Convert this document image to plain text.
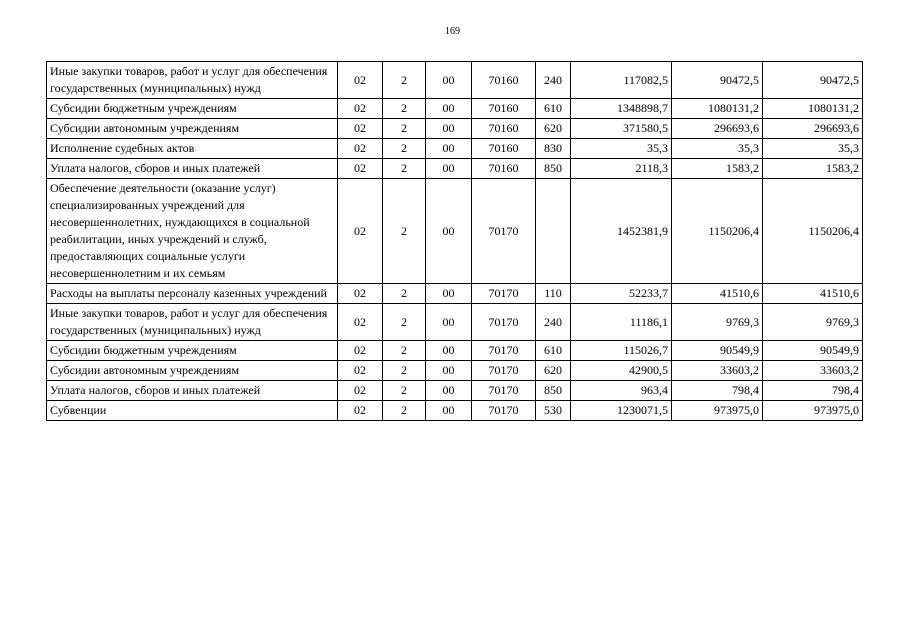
169
Иные закупки товаров, работ и услуг для обеспечения государственных (муниципальных) нужд	02	2	00	70160	240	117082,5	90472,5	90472,5
Субсидии бюджетным учреждениям	02	2	00	70160	610	1348898,7	1080131,2	1080131,2
Субсидии автономным учреждениям	02	2	00	70160	620	371580,5	296693,6	296693,6
Исполнение судебных актов	02	2	00	70160	830	35,3	35,3	35,3
Уплата налогов, сборов и иных платежей	02	2	00	70160	850	2118,3	1583,2	1583,2
Обеспечение деятельности (оказание услуг) специализированных учреждений для несовершеннолетних, нуждающихся в социальной реабилитации, иных учреждений и служб, предоставляющих социальные услуги несовершеннолетним и их семьям	02	2	00	70170		1452381,9	1150206,4	1150206,4
Расходы на выплаты персоналу казенных учреждений	02	2	00	70170	110	52233,7	41510,6	41510,6
Иные закупки товаров, работ и услуг для обеспечения государственных (муниципальных) нужд	02	2	00	70170	240	11186,1	9769,3	9769,3
Субсидии бюджетным учреждениям	02	2	00	70170	610	115026,7	90549,9	90549,9
Субсидии автономным учреждениям	02	2	00	70170	620	42900,5	33603,2	33603,2
Уплата налогов, сборов и иных платежей	02	2	00	70170	850	963,4	798,4	798,4
Субвенции	02	2	00	70170	530	1230071,5	973975,0	973975,0
